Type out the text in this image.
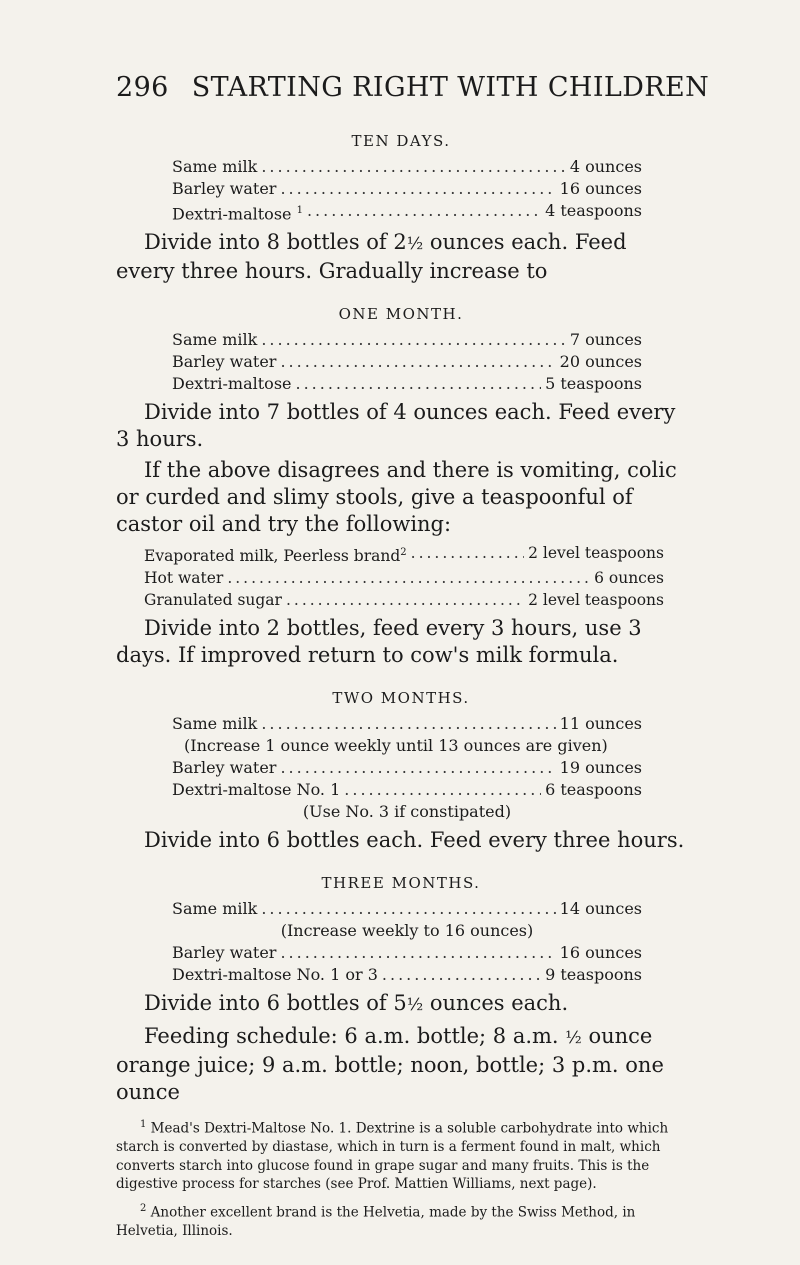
296 STARTING RIGHT WITH CHILDREN
TEN DAYS.
Same milk .....	4 ounces
Barley water .....	16 ounces
Dextri-maltose $^1$ .....	4 teaspoons

Divide into 8 bottles of 2½ ounces each. Feed every three hours. Gradually increase to

ONE MONTH.
Same milk .....	7 ounces
Barley water .....	20 ounces
Dextri-maltose .....	5 teaspoons

Divide into 7 bottles of 4 ounces each. Feed every 3 hours.

If the above disagrees and there is vomiting, colic or curded and slimy stools, give a teaspoonful of castor oil and try the following:

Evaporated milk, Peerless brand$^2$ .....	2 level teaspoons
Hot water .....	6 ounces
Granulated sugar .....	2 level teaspoons

Divide into 2 bottles, feed every 3 hours, use 3 days. If improved return to cow's milk formula.

TWO MONTHS.
Same milk .....	11 ounces
(Increase 1 ounce weekly until 13 ounces are given)
Barley water .....	19 ounces
Dextri-maltose No. 1 .....	6 teaspoons
(Use No. 3 if constipated)

Divide into 6 bottles each. Feed every three hours.

THREE MONTHS.
Same milk .....	14 ounces
(Increase weekly to 16 ounces)
Barley water .....	16 ounces
Dextri-maltose No. 1 or 3 .....	9 teaspoons

Divide into 6 bottles of 5½ ounces each.

Feeding schedule: 6 a.m. bottle; 8 a.m. ½ ounce orange juice; 9 a.m. bottle; noon, bottle; 3 p.m. one ounce

$^1$ Mead's Dextri-Maltose No. 1. Dextrine is a soluble carbohydrate into which starch is converted by diastase, which in turn is a ferment found in malt, which converts starch into glucose found in grape sugar and many fruits. This is the digestive process for starches (see Prof. Mattien Williams, next page).

$^2$ Another excellent brand is the Helvetia, made by the Swiss Method, in Helvetia, Illinois.
